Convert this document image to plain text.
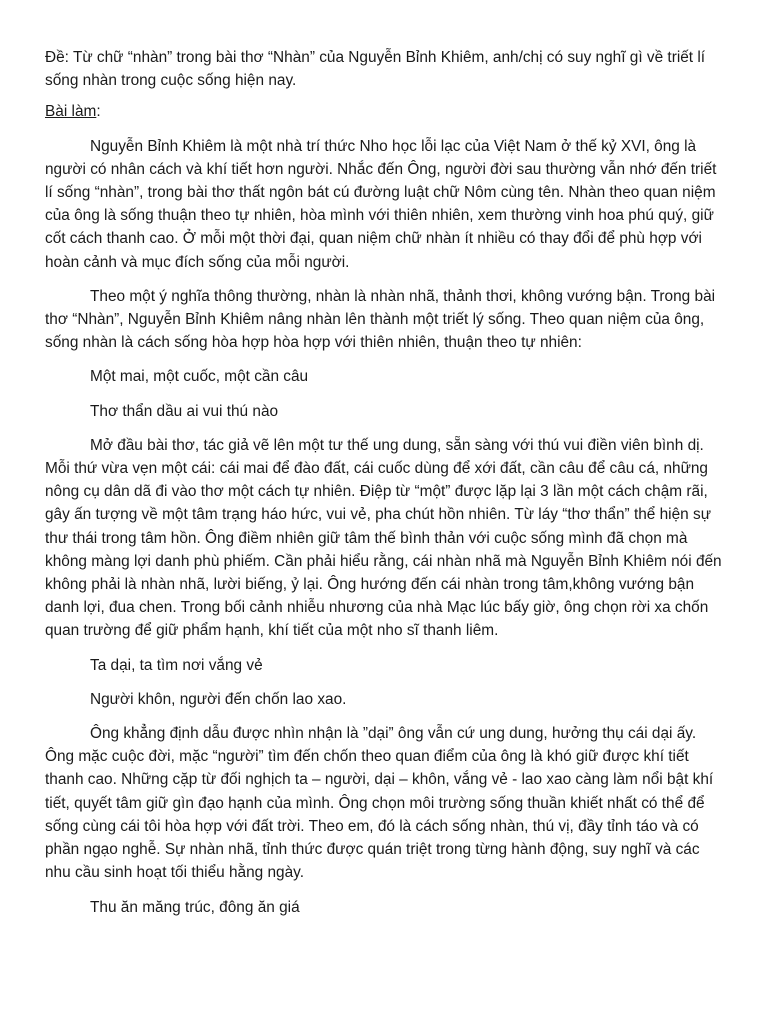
Đề: Từ chữ “nhàn” trong bài thơ “Nhàn” của Nguyễn Bỉnh Khiêm, anh/chị có suy nghĩ gì về triết lí sống nhàn trong cuộc sống hiện nay.
Bài làm:

Nguyễn Bỉnh Khiêm là một nhà trí thức Nho học lỗi lạc của Việt Nam ở thế kỷ XVI, ông là người có nhân cách và khí tiết hơn người. Nhắc đến Ông, người đời sau thường vẫn nhớ đến triết lí sống “nhàn”, trong bài thơ thất ngôn bát cú đường luật chữ Nôm cùng tên. Nhàn theo quan niệm của ông là sống thuận theo tự nhiên, hòa mình với thiên nhiên, xem thường vinh hoa phú quý, giữ cốt cách thanh cao. Ở mỗi một thời đại, quan niệm chữ nhàn ít nhiều có thay đổi để phù hợp với hoàn cảnh và mục đích sống của mỗi người.

Theo một ý nghĩa thông thường, nhàn là nhàn nhã, thảnh thơi, không vướng bận. Trong bài thơ “Nhàn”, Nguyễn Bỉnh Khiêm nâng nhàn lên thành một triết lý sống. Theo quan niệm của ông, sống nhàn là cách sống hòa hợp hòa hợp với thiên nhiên, thuận theo tự nhiên:

Một mai, một cuốc, một cần câu

Thơ thẩn dầu ai vui thú nào

Mở đầu bài thơ, tác giả vẽ lên một tư thế ung dung, sẵn sàng với thú vui điền viên bình dị. Mỗi thứ vừa vẹn một cái: cái mai để đào đất, cái cuốc dùng để xới đất, cần câu để câu cá, những nông cụ dân dã đi vào thơ một cách tự nhiên. Điệp từ “một” được lặp lại 3 lần một cách chậm rãi, gây ấn tượng về một tâm trạng háo hức, vui vẻ, pha chút hồn nhiên. Từ láy “thơ thẩn” thể hiện sự thư thái trong tâm hồn. Ông điềm nhiên giữ tâm thế bình thản với cuộc sống mình đã chọn mà không màng lợi danh phù phiếm. Cần phải hiểu rằng, cái nhàn nhã mà Nguyễn Bỉnh Khiêm nói đến không phải là nhàn nhã, lười biếng, ỷ lại. Ông hướng đến cái nhàn trong tâm,không vướng bận danh lợi, đua chen. Trong bối cảnh nhiễu nhương của nhà Mạc lúc bấy giờ, ông chọn rời xa chốn quan trường để giữ phẩm hạnh, khí tiết của một nho sĩ thanh liêm.

Ta dại, ta tìm nơi vắng vẻ

Người khôn, người đến chốn lao xao.

Ông khẳng định dẫu được nhìn nhận là ”dại” ông vẫn cứ ung dung, hưởng thụ cái dại ấy. Ông mặc cuộc đời, mặc “người” tìm đến chốn theo quan điểm của ông là khó giữ được khí tiết thanh cao. Những cặp từ đối nghịch ta – người, dại – khôn, vắng vẻ - lao xao càng làm nổi bật khí tiết, quyết tâm giữ gìn đạo hạnh của mình. Ông chọn môi trường sống thuần khiết nhất có thể để sống cùng cái tôi hòa hợp với đất trời. Theo em, đó là cách sống nhàn, thú vị, đầy tỉnh táo và có phần ngạo nghễ. Sự nhàn nhã, tỉnh thức được quán triệt trong từng hành động, suy nghĩ và các nhu cầu sinh hoạt tối thiểu hằng ngày.

Thu ăn măng trúc, đông ăn giá
